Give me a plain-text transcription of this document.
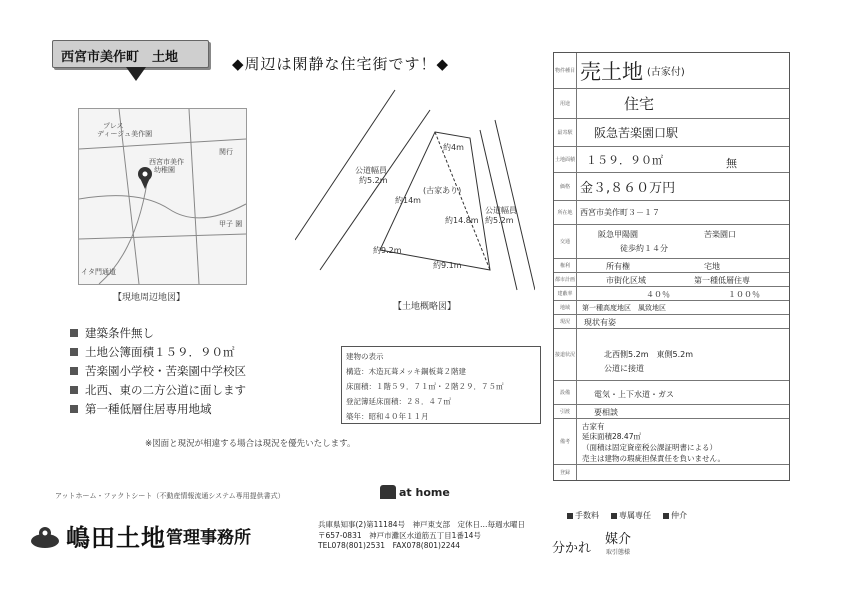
西宮市美作町　土地	◆周辺は閑静な住宅街です！◆
プレス
ディージュ美作園
西宮市美作
幼稚園
関行
甲子 園
イタ門通道
【現地周辺地図】
約4m
公道幅員
約5.2m
(古家あり)
約14m
約14.8m
公道幅員
約5.2m
約9.2m
約9.1m
【土地概略図】
建築条件無し
土地公簿面積１５９．９０㎡
苦楽園小学校・苦楽園中学校区
北西、東の二方公道に面します
第一種低層住居専用地域
※図面と現況が相違する場合は現況を優先いたします。
建物の表示
構造：木造瓦葺メッキ鋼板葺２階建
床面積：１階５９．７１㎡・２階２９．７５㎡
登記簿延床面積：２８．４７㎡
築年：昭和４０年１１月
物件種目 売土地 (古家付)
用途	住宅
最寄駅	阪急苦楽園口駅
土地面積 １５９．９０㎡	無
価格 金３,８６０万円
所在地 西宮市美作町３－１７
交通
阪急甲陽園	苦楽園口
徒歩約１４分
権利	所有権	宅地
都市計画	市街化区域	第一種低層住専
建蔽率	４０％	１００％
地域	第一種高度地区　風致地区
現況	現状有姿
接道状況	北西側5.2m　東側5.2m
公道に接道
設備	電気・上下水道・ガス
引渡	要相談
備考
古家有
延床面積28.47㎡
（面積は固定資産税公課証明書による）
売主は建物の瑕疵担保責任を負いません。
登録
アットホーム・ファクトシート（不動産情報流通システム専用提供書式）	at home
嶋田土地 管理事務所
兵庫県知事(2)第11184号　神戸東支部　定休日…毎週水曜日
〒657-0831　神戸市灘区水道筋五丁目1番14号
TEL078(801)2531　FAX078(801)2244
手数料	専属専任	仲介
分かれ
媒介
取引態様
